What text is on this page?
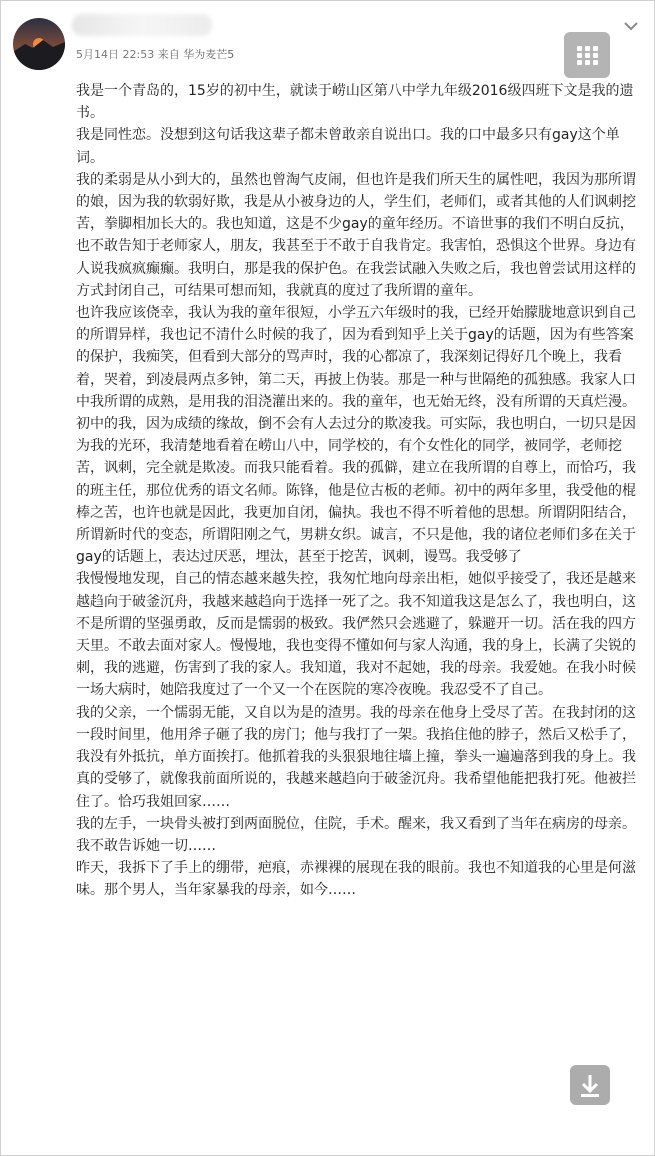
5月14日 22:53 来自 华为麦芒5

我是一个青岛的，15岁的初中生，就读于崂山区第八中学九年级2016级四班下文是我的遗书。

我是同性恋。没想到这句话我这辈子都未曾敢亲自说出口。我的口中最多只有gay这个单词。

我的柔弱是从小到大的，虽然也曾淘气皮闹，但也许是我们所天生的属性吧，我因为那所谓的娘，因为我的软弱好欺，我是从小被身边的人，学生们，老师们，或者其他的人们讽刺挖苦，拳脚相加长大的。我也知道，这是不少gay的童年经历。不谙世事的我们不明白反抗，也不敢告知于老师家人，朋友，我甚至于不敢于自我肯定。我害怕，恐惧这个世界。身边有人说我疯疯癫癫。我明白，那是我的保护色。在我尝试融入失败之后，我也曾尝试用这样的方式封闭自己，可结果可想而知，我就真的度过了我所谓的童年。

也许我应该侥幸，我认为我的童年很短，小学五六年级时的我，已经开始朦胧地意识到自己的所谓异样，我也记不清什么时候的我了，因为看到知乎上关于gay的话题，因为有些答案的保护，我痴笑，但看到大部分的骂声时，我的心都凉了，我深刻记得好几个晚上，我看着，哭着，到凌晨两点多钟，第二天，再披上伪装。那是一种与世隔绝的孤独感。我家人口中我所谓的成熟，是用我的泪浇灌出来的。我的童年，也无始无终，没有所谓的天真烂漫。

初中的我，因为成绩的缘故，倒不会有人去过分的欺凌我。可实际，我也明白，一切只是因为我的光环，我清楚地看着在崂山八中，同学校的，有个女性化的同学，被同学，老师挖苦，讽刺，完全就是欺凌。而我只能看着。我的孤僻，建立在我所谓的自尊上，而恰巧，我的班主任，那位优秀的语文名师。陈锋，他是位古板的老师。初中的两年多里，我受他的棍棒之苦，也许也就是因此，我更加自闭，偏执。我也不得不听着他的思想。所谓阴阳结合，所谓新时代的变态，所谓阳刚之气，男耕女织。诚言，不只是他，我的诸位老师们多在关于gay的话题上，表达过厌恶，埋汰，甚至于挖苦，讽刺，谩骂。我受够了

我慢慢地发现，自己的情态越来越失控，我匆忙地向母亲出柜，她似乎接受了，我还是越来越趋向于破釜沉舟，我越来越趋向于选择一死了之。我不知道我这是怎么了，我也明白，这不是所谓的坚强勇敢，反而是懦弱的极致。我俨然只会逃避了，躲避开一切。活在我的四方天里。不敢去面对家人。慢慢地，我也变得不懂如何与家人沟通，我的身上，长满了尖锐的刺，我的逃避，伤害到了我的家人。我知道，我对不起她，我的母亲。我爱她。在我小时候一场大病时，她陪我度过了一个又一个在医院的寒冷夜晚。我忍受不了自己。

我的父亲，一个懦弱无能，又自以为是的渣男。我的母亲在他身上受尽了苦。在我封闭的这一段时间里，他用斧子砸了我的房门；他与我打了一架。我掐住他的脖子，然后又松手了，我没有外抵抗，单方面挨打。他抓着我的头狠狠地往墙上撞，拳头一遍遍落到我的身上。我真的受够了，就像我前面所说的，我越来越趋向于破釜沉舟。我希望他能把我打死。他被拦住了。恰巧我姐回家……

我的左手，一块骨头被打到两面脱位，住院，手术。醒来，我又看到了当年在病房的母亲。我不敢告诉她一切……

昨天，我拆下了手上的绷带，疤痕，赤裸裸的展现在我的眼前。我也不知道我的心里是何滋味。那个男人，当年家暴我的母亲，如今……
